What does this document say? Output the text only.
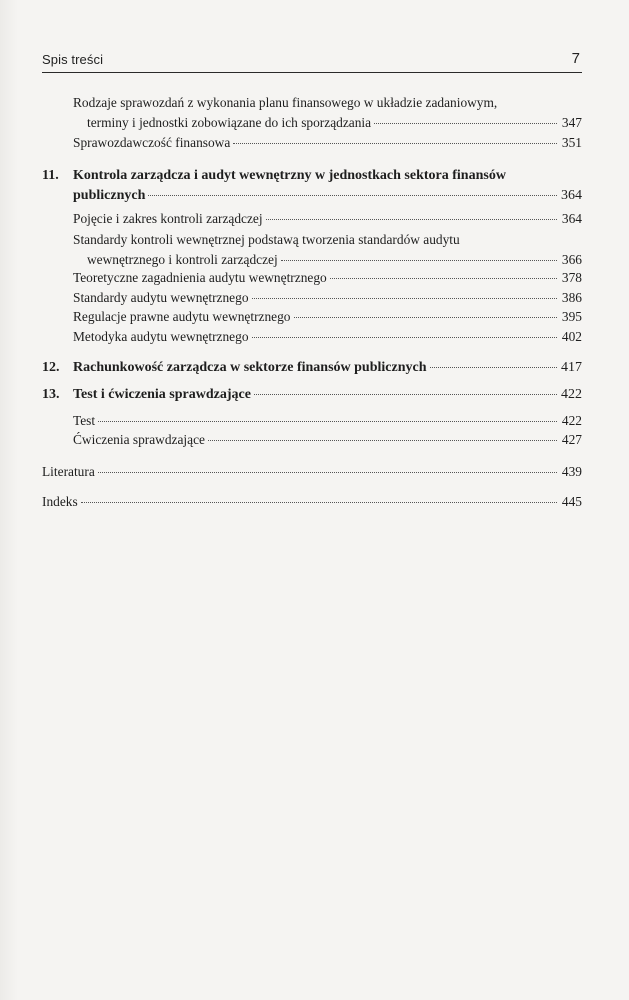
Spis treści	7
Rodzaje sprawozdań z wykonania planu finansowego w układzie zadaniowym,
terminy i jednostki zobowiązane do ich sporządzania	347
Sprawozdawczość finansowa	351
11. Kontrola zarządcza i audyt wewnętrzny w jednostkach sektora finansów
publicznych	364
Pojęcie i zakres kontroli zarządczej	364
Standardy kontroli wewnętrznej podstawą tworzenia standardów audytu
wewnętrznego i kontroli zarządczej	366
Teoretyczne zagadnienia audytu wewnętrznego	378
Standardy audytu wewnętrznego	386
Regulacje prawne audytu wewnętrznego	395
Metodyka audytu wewnętrznego	402
12. Rachunkowość zarządcza w sektorze finansów publicznych	417
13. Test i ćwiczenia sprawdzające	422
Test	422
Ćwiczenia sprawdzające	427
Literatura	439
Indeks	445
